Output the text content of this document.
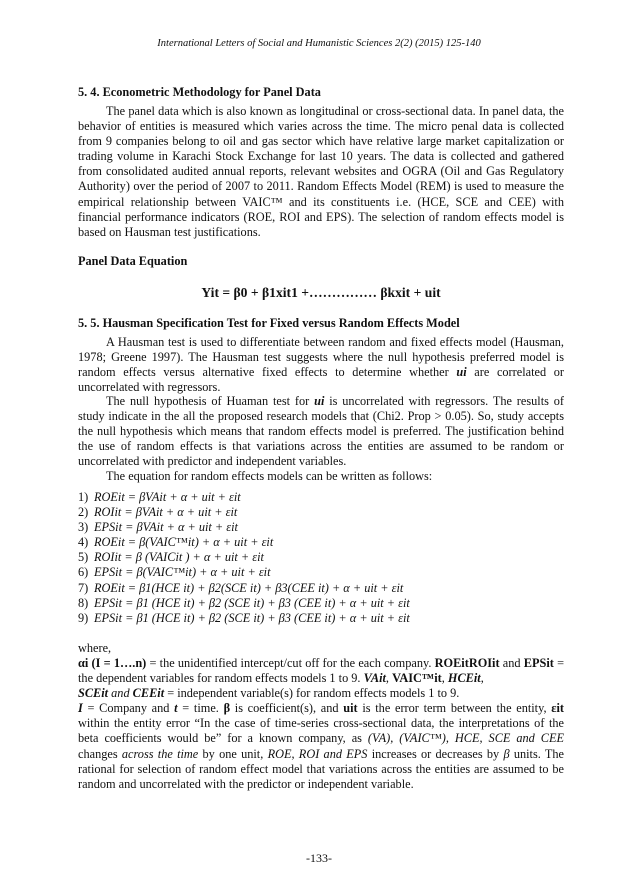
International Letters of Social and Humanistic Sciences 2(2) (2015) 125-140
5. 4. Econometric Methodology for Panel Data
The panel data which is also known as longitudinal or cross-sectional data. In panel data, the behavior of entities is measured which varies across the time. The micro penal data is collected from 9 companies belong to oil and gas sector which have relative large market capitalization or trading volume in Karachi Stock Exchange for last 10 years. The data is collected and gathered from consolidated audited annual reports, relevant websites and OGRA (Oil and Gas Regulatory Authority) over the period of 2007 to 2011. Random Effects Model (REM) is used to measure the empirical relationship between VAIC™ and its constituents i.e. (HCE, SCE and CEE) with financial performance indicators (ROE, ROI and EPS). The selection of random effects model is based on Hausman test justifications.
Panel Data Equation
Yit = β0 + β1xit1 +…………… βkxit + uit
5. 5. Hausman Specification Test for Fixed versus Random Effects Model
A Hausman test is used to differentiate between random and fixed effects model (Hausman, 1978; Greene 1997). The Hausman test suggests where the null hypothesis preferred model is random effects versus alternative fixed effects to determine whether ui are correlated or uncorrelated with regressors.
The null hypothesis of Huaman test for ui is uncorrelated with regressors. The results of study indicate in the all the proposed research models that (Chi2. Prop > 0.05). So, study accepts the null hypothesis which means that random effects model is preferred. The justification behind the use of random effects is that variations across the entities are assumed to be random or uncorrelated with predictor and independent variables.
The equation for random effects models can be written as follows:
1) ROEit = βVAit + α + uit + εit
2) ROIit = βVAit + α + uit + εit
3) EPSit = βVAit + α + uit + εit
4) ROEit = β(VAIC™it) + α + uit + εit
5) ROIit = β (VAICit ) + α + uit + εit
6) EPSit = β(VAIC™it) + α + uit + εit
7) ROEit = β1(HCE it) + β2(SCE it) + β3(CEE it) + α + uit + εit
8) EPSit = β1 (HCE it) + β2 (SCE it) + β3 (CEE it) + α + uit + εit
9) EPSit = β1 (HCE it) + β2 (SCE it) + β3 (CEE it) + α + uit + εit
where,
αi (I = 1….n) = the unidentified intercept/cut off for the each company. ROEitROIit and EPSit = the dependent variables for random effects models 1 to 9. VAit, VAIC™it, HCEit,
SCEit and CEEit = independent variable(s) for random effects models 1 to 9.
I = Company and t = time. β is coefficient(s), and uit is the error term between the entity, εit within the entity error “In the case of time-series cross-sectional data, the interpretations of the beta coefficients would be” for a known company, as (VA), (VAIC™), HCE, SCE and CEE changes across the time by one unit, ROE, ROI and EPS increases or decreases by β units. The rational for selection of random effect model that variations across the entities are assumed to be random and uncorrelated with the predictor or independent variable.
-133-
